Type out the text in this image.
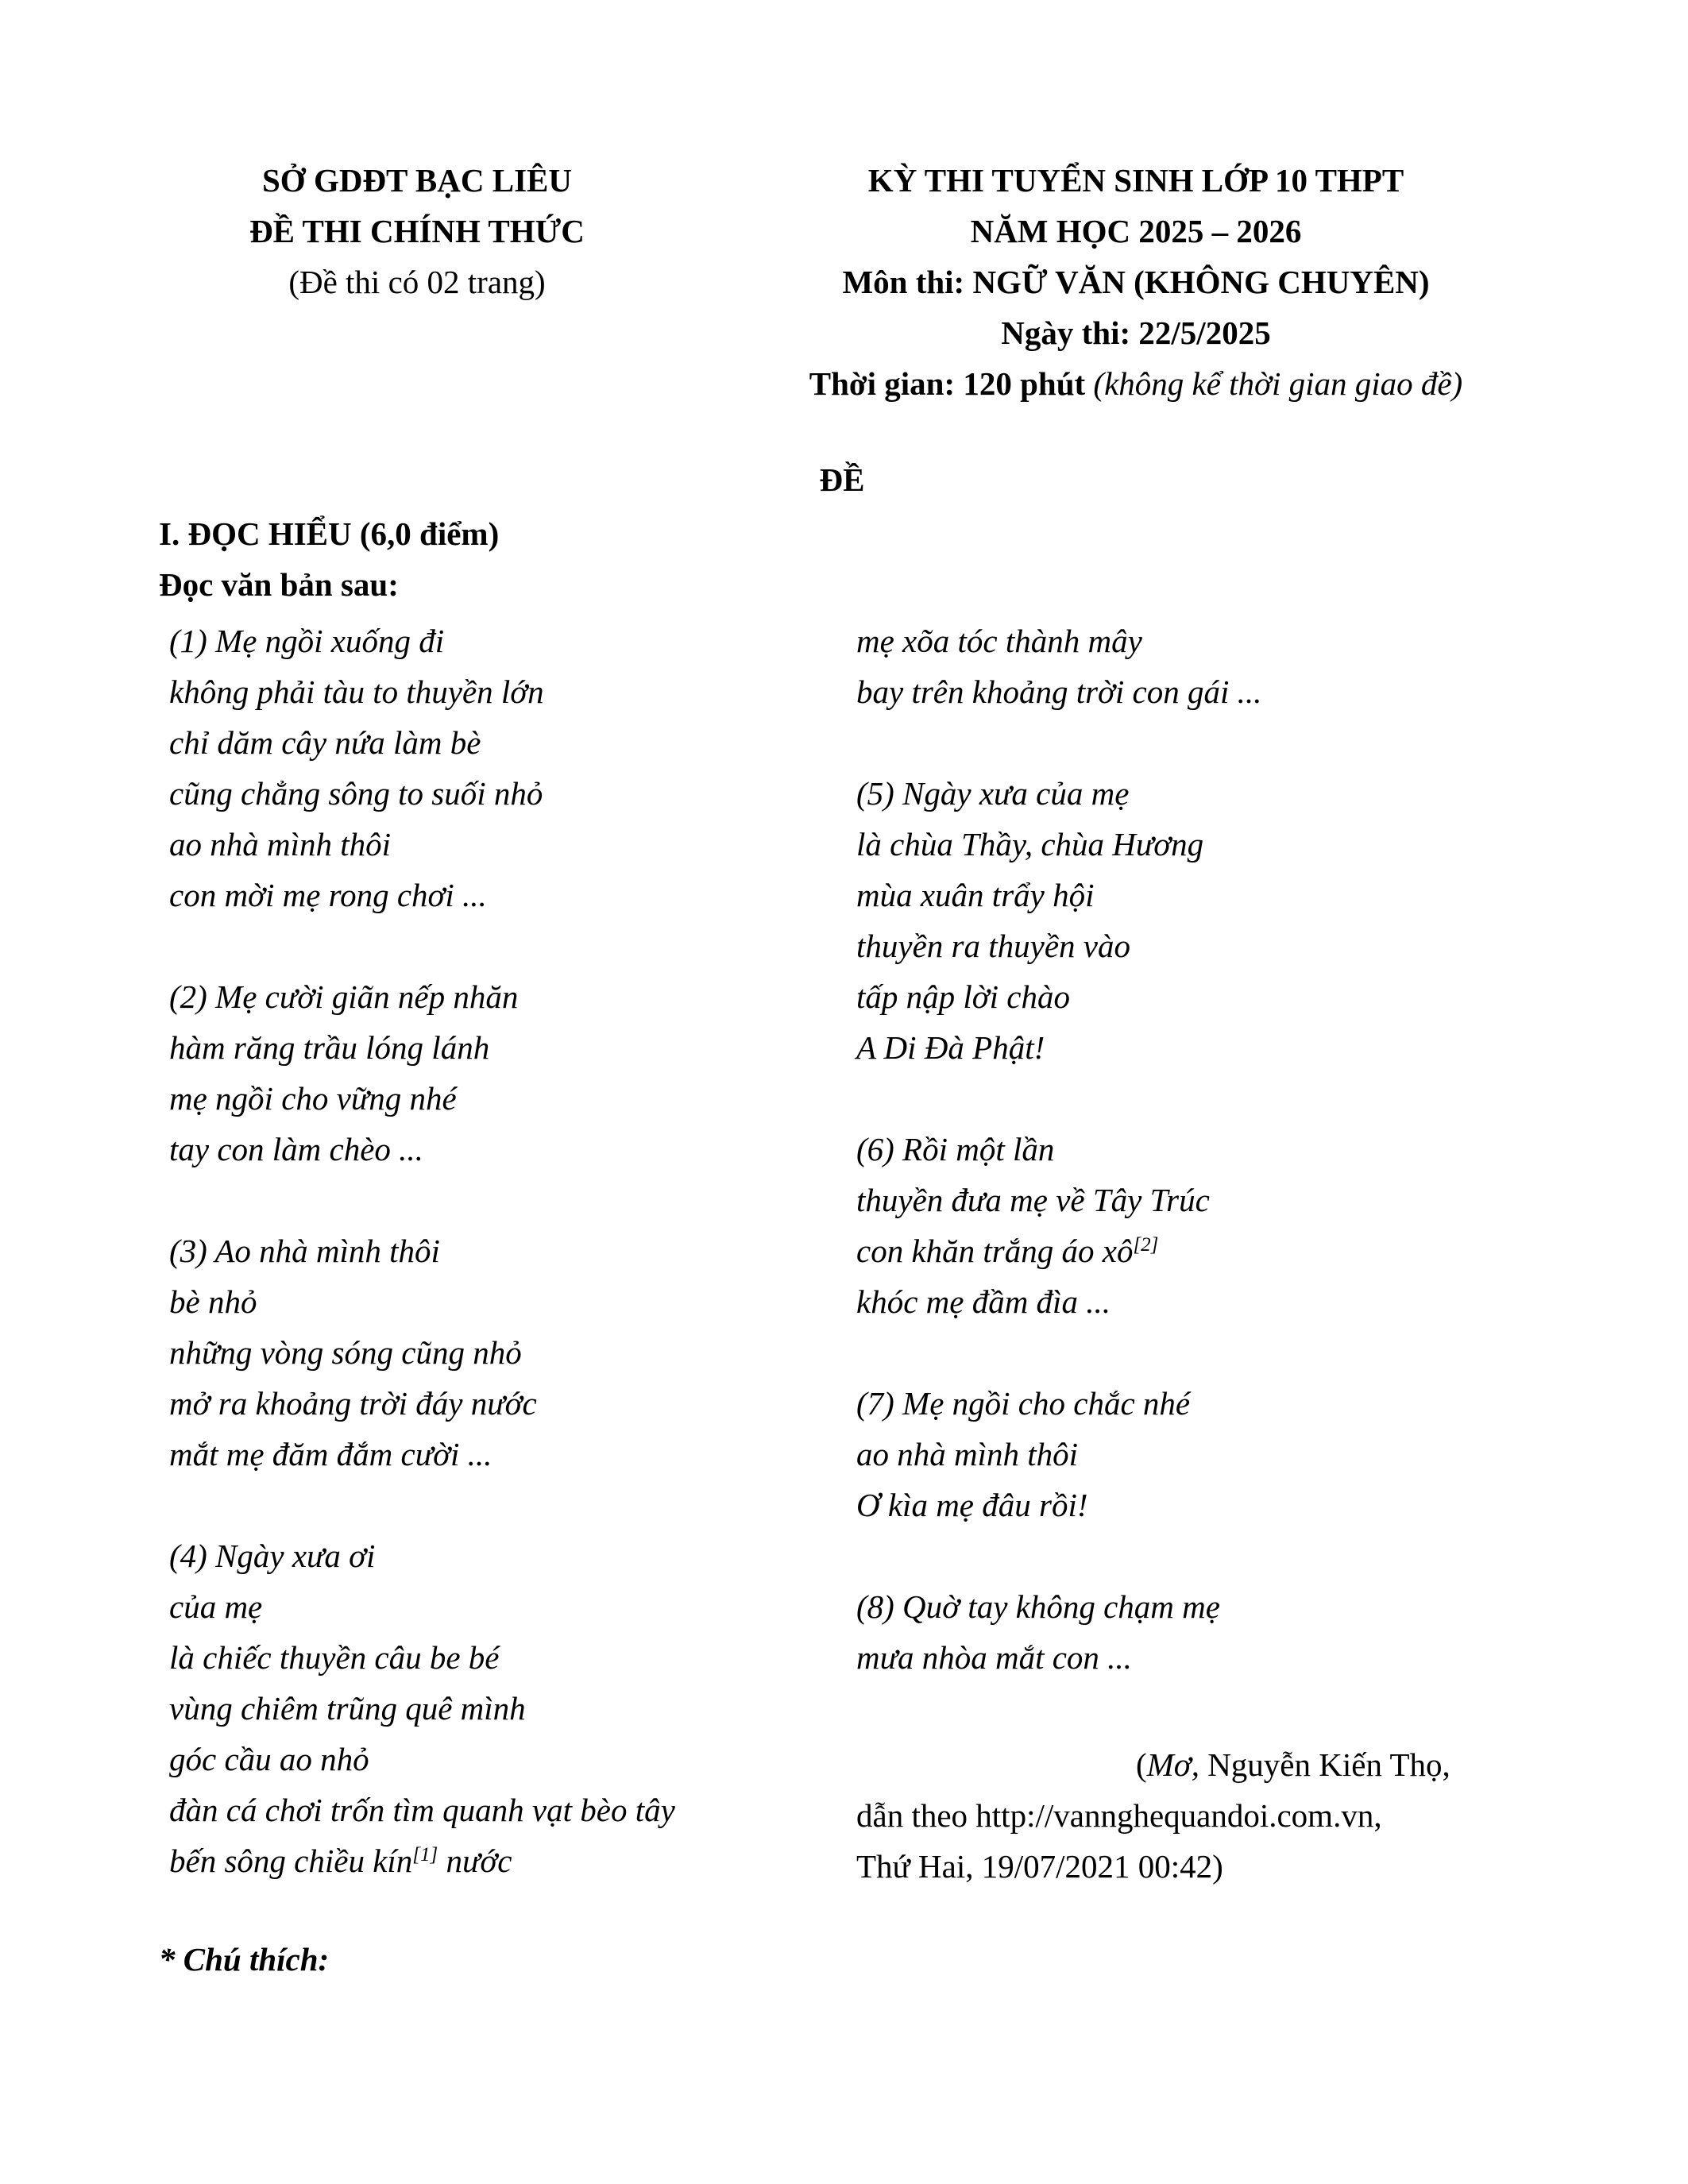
SỞ GDĐT BẠC LIÊU
ĐỀ THI CHÍNH THỨC
(Đề thi có 02 trang)
KỲ THI TUYỂN SINH LỚP 10 THPT
NĂM HỌC 2025 – 2026
Môn thi: NGỮ VĂN (KHÔNG CHUYÊN)
Ngày thi: 22/5/2025
Thời gian: 120 phút (không kể thời gian giao đề)
ĐỀ
I. ĐỌC HIỂU (6,0 điểm)
Đọc văn bản sau:
(1) Mẹ ngồi xuống đi
không phải tàu to thuyền lớn
chỉ dăm cây nứa làm bè
cũng chẳng sông to suối nhỏ
ao nhà mình thôi
con mời mẹ rong chơi ...
(2) Mẹ cười giãn nếp nhăn
hàm răng trầu lóng lánh
mẹ ngồi cho vững nhé
tay con làm chèo ...
(3) Ao nhà mình thôi
bè nhỏ
những vòng sóng cũng nhỏ
mở ra khoảng trời đáy nước
mắt mẹ đăm đắm cười ...
(4) Ngày xưa ơi
của mẹ
là chiếc thuyền câu be bé
vùng chiêm trũng quê mình
góc cầu ao nhỏ
đàn cá chơi trốn tìm quanh vạt bèo tây
bến sông chiều kín[1] nước
mẹ xõa tóc thành mây
bay trên khoảng trời con gái ...
(5) Ngày xưa của mẹ
là chùa Thầy, chùa Hương
mùa xuân trẩy hội
thuyền ra thuyền vào
tấp nập lời chào
A Di Đà Phật!
(6) Rồi một lần
thuyền đưa mẹ về Tây Trúc
con khăn trắng áo xô[2]
khóc mẹ đầm đìa ...
(7) Mẹ ngồi cho chắc nhé
ao nhà mình thôi
Ơ kìa mẹ đâu rồi!
(8) Quờ tay không chạm mẹ
mưa nhòa mắt con ...
(Mơ, Nguyễn Kiến Thọ,
dẫn theo http://vannghequandoi.com.vn,
Thứ Hai, 19/07/2021 00:42)
* Chú thích:
